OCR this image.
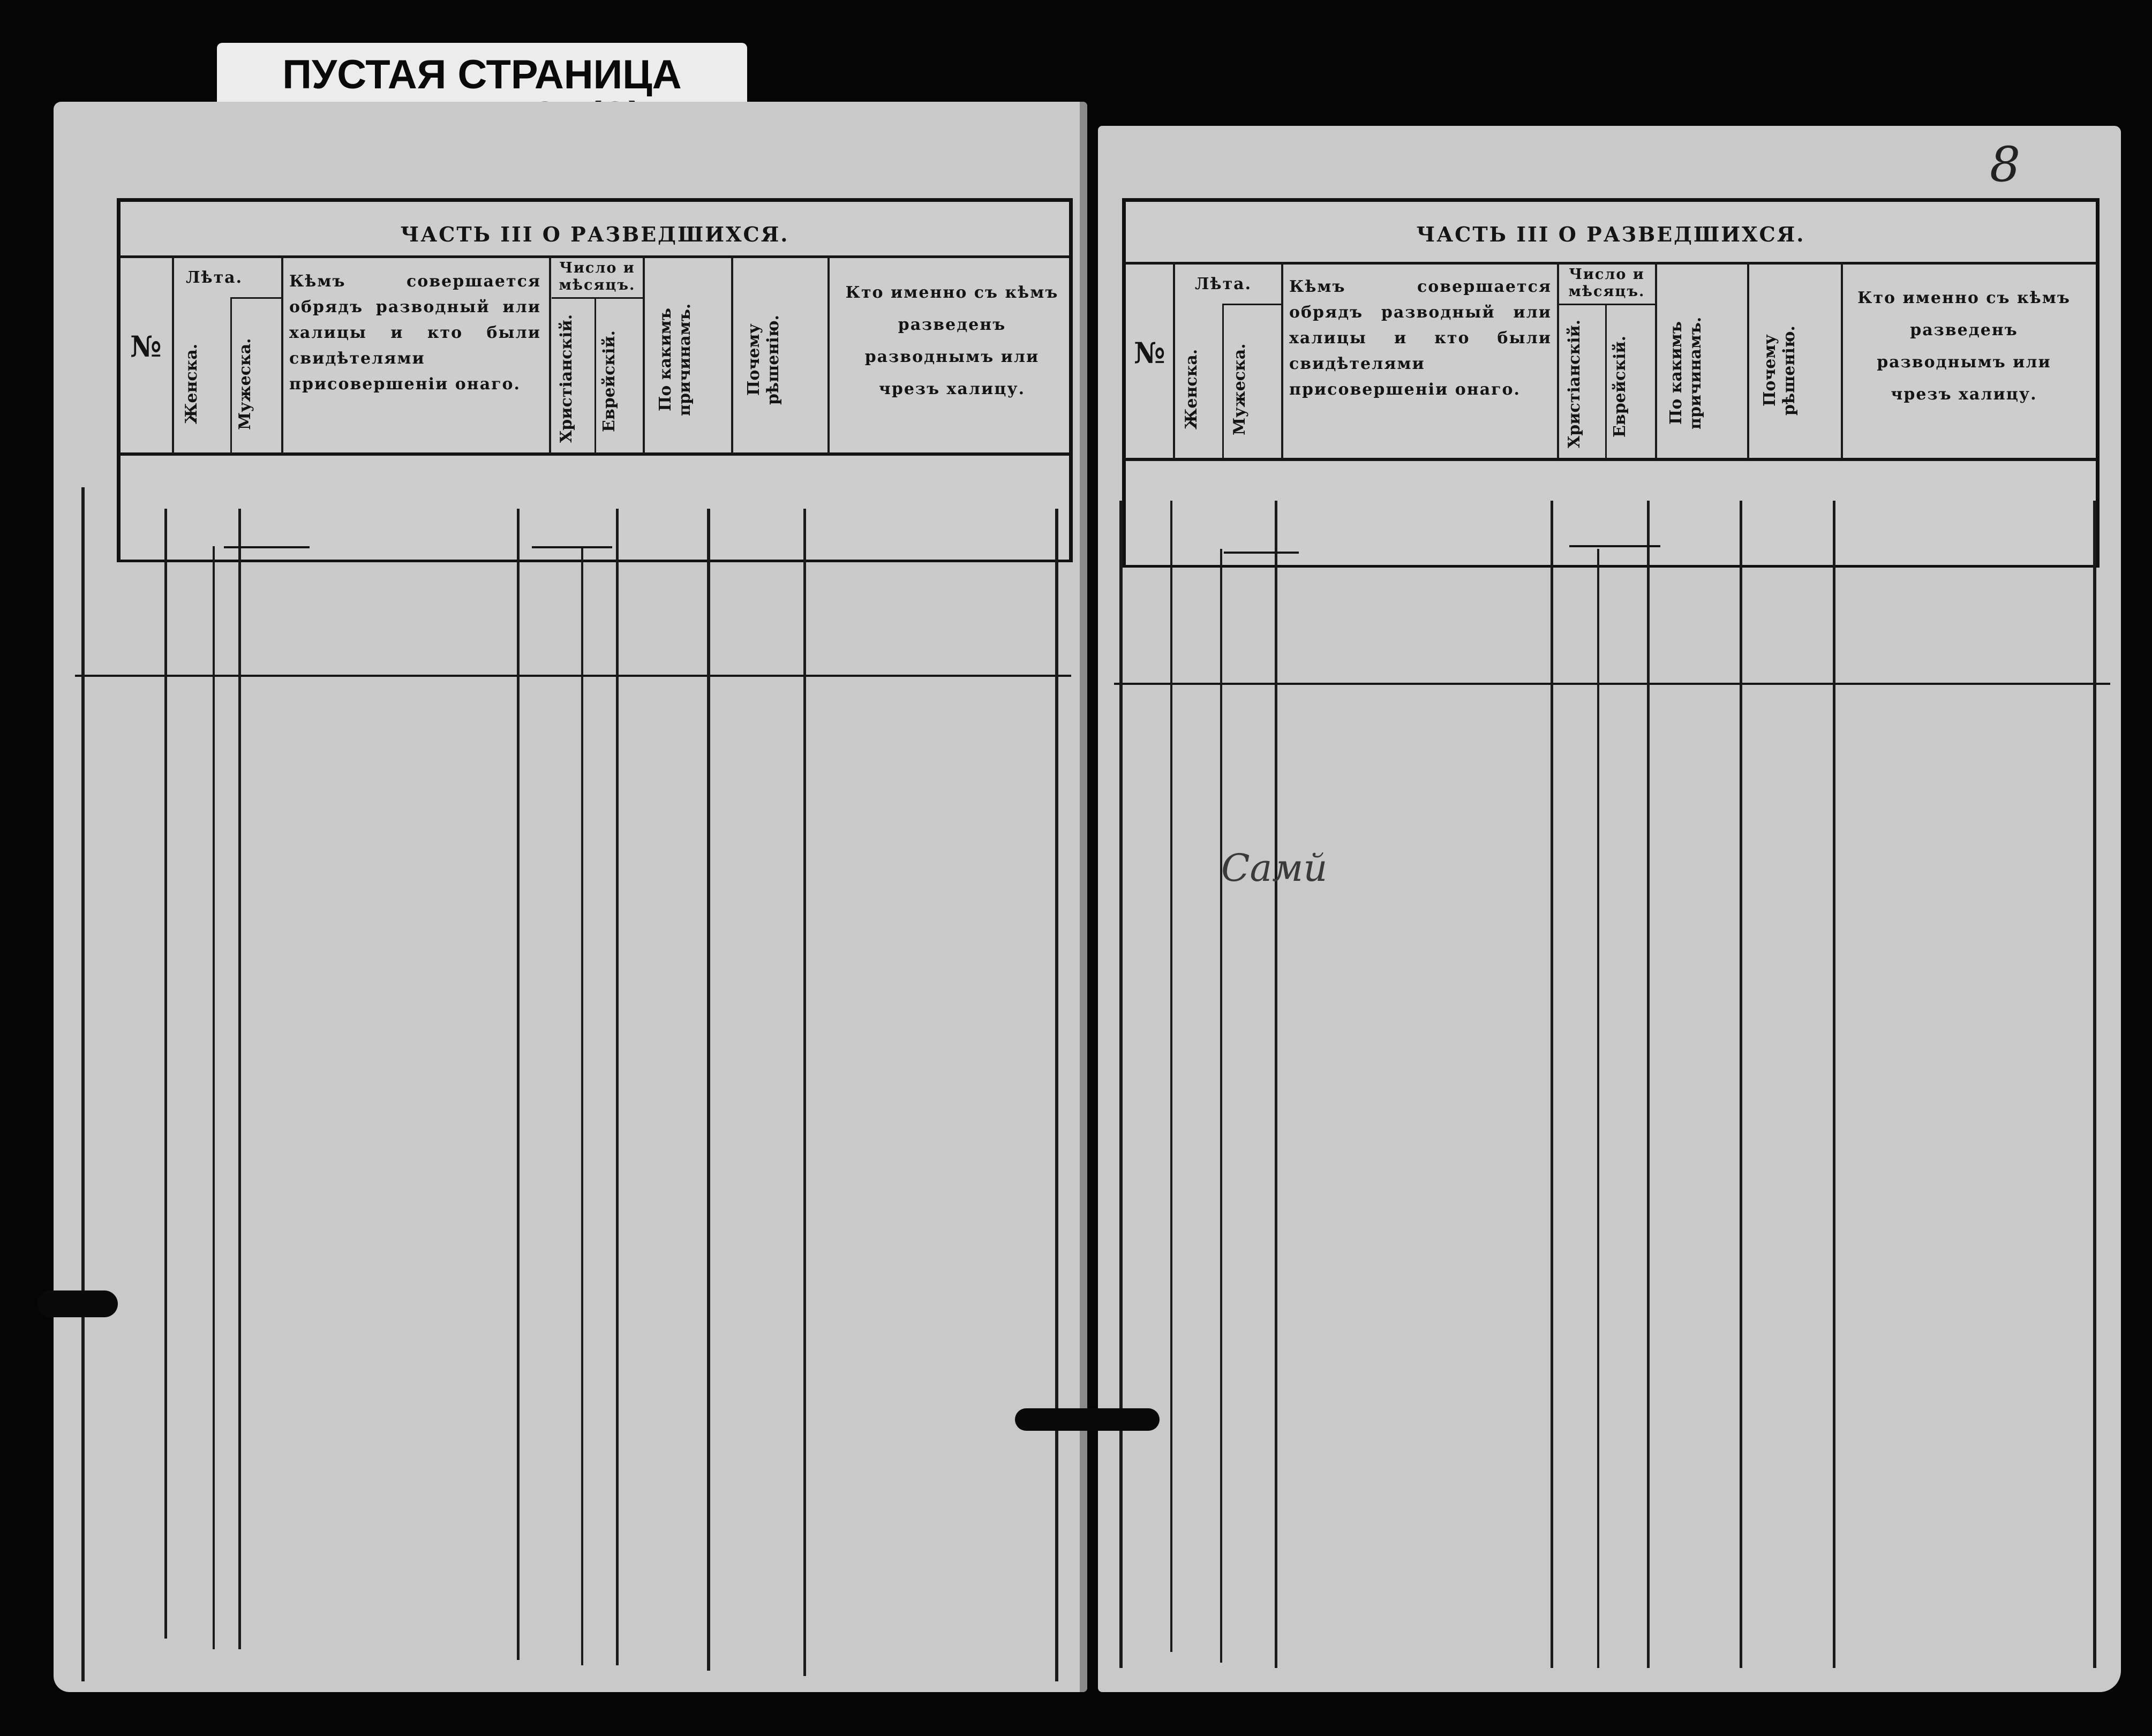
ПУСТАЯ СТРАНИЦА
ЧАСТЬ III О РАЗВЕДШИХСЯ.
№
Лѣта.
Женска. Мужеска.
Кѣмъ совершается обрядъ разводный или халицы и кто были свидѣтелями присовершеніи онаго.
Число и мѣсяцъ.
Христіанскій. Еврейскій. По какимъ причинамъ.	Почему рѣшенію.
Кто именно съ кѣмъ разведенъ разводнымъ или чрезъ халицу.
ЧАСТЬ III О РАЗВЕДШИХСЯ.
№
Лѣта.
Женска. Мужеска.
Кѣмъ совершается обрядъ разводный или халицы и кто были свидѣтелями присовершеніи онаго.
Число и мѣсяцъ.
Христіанскій. Еврейскій. По какимъ причинамъ.	Почему рѣшенію.
Кто именно съ кѣмъ разведенъ разводнымъ или чрезъ халицу.
8
Самй
